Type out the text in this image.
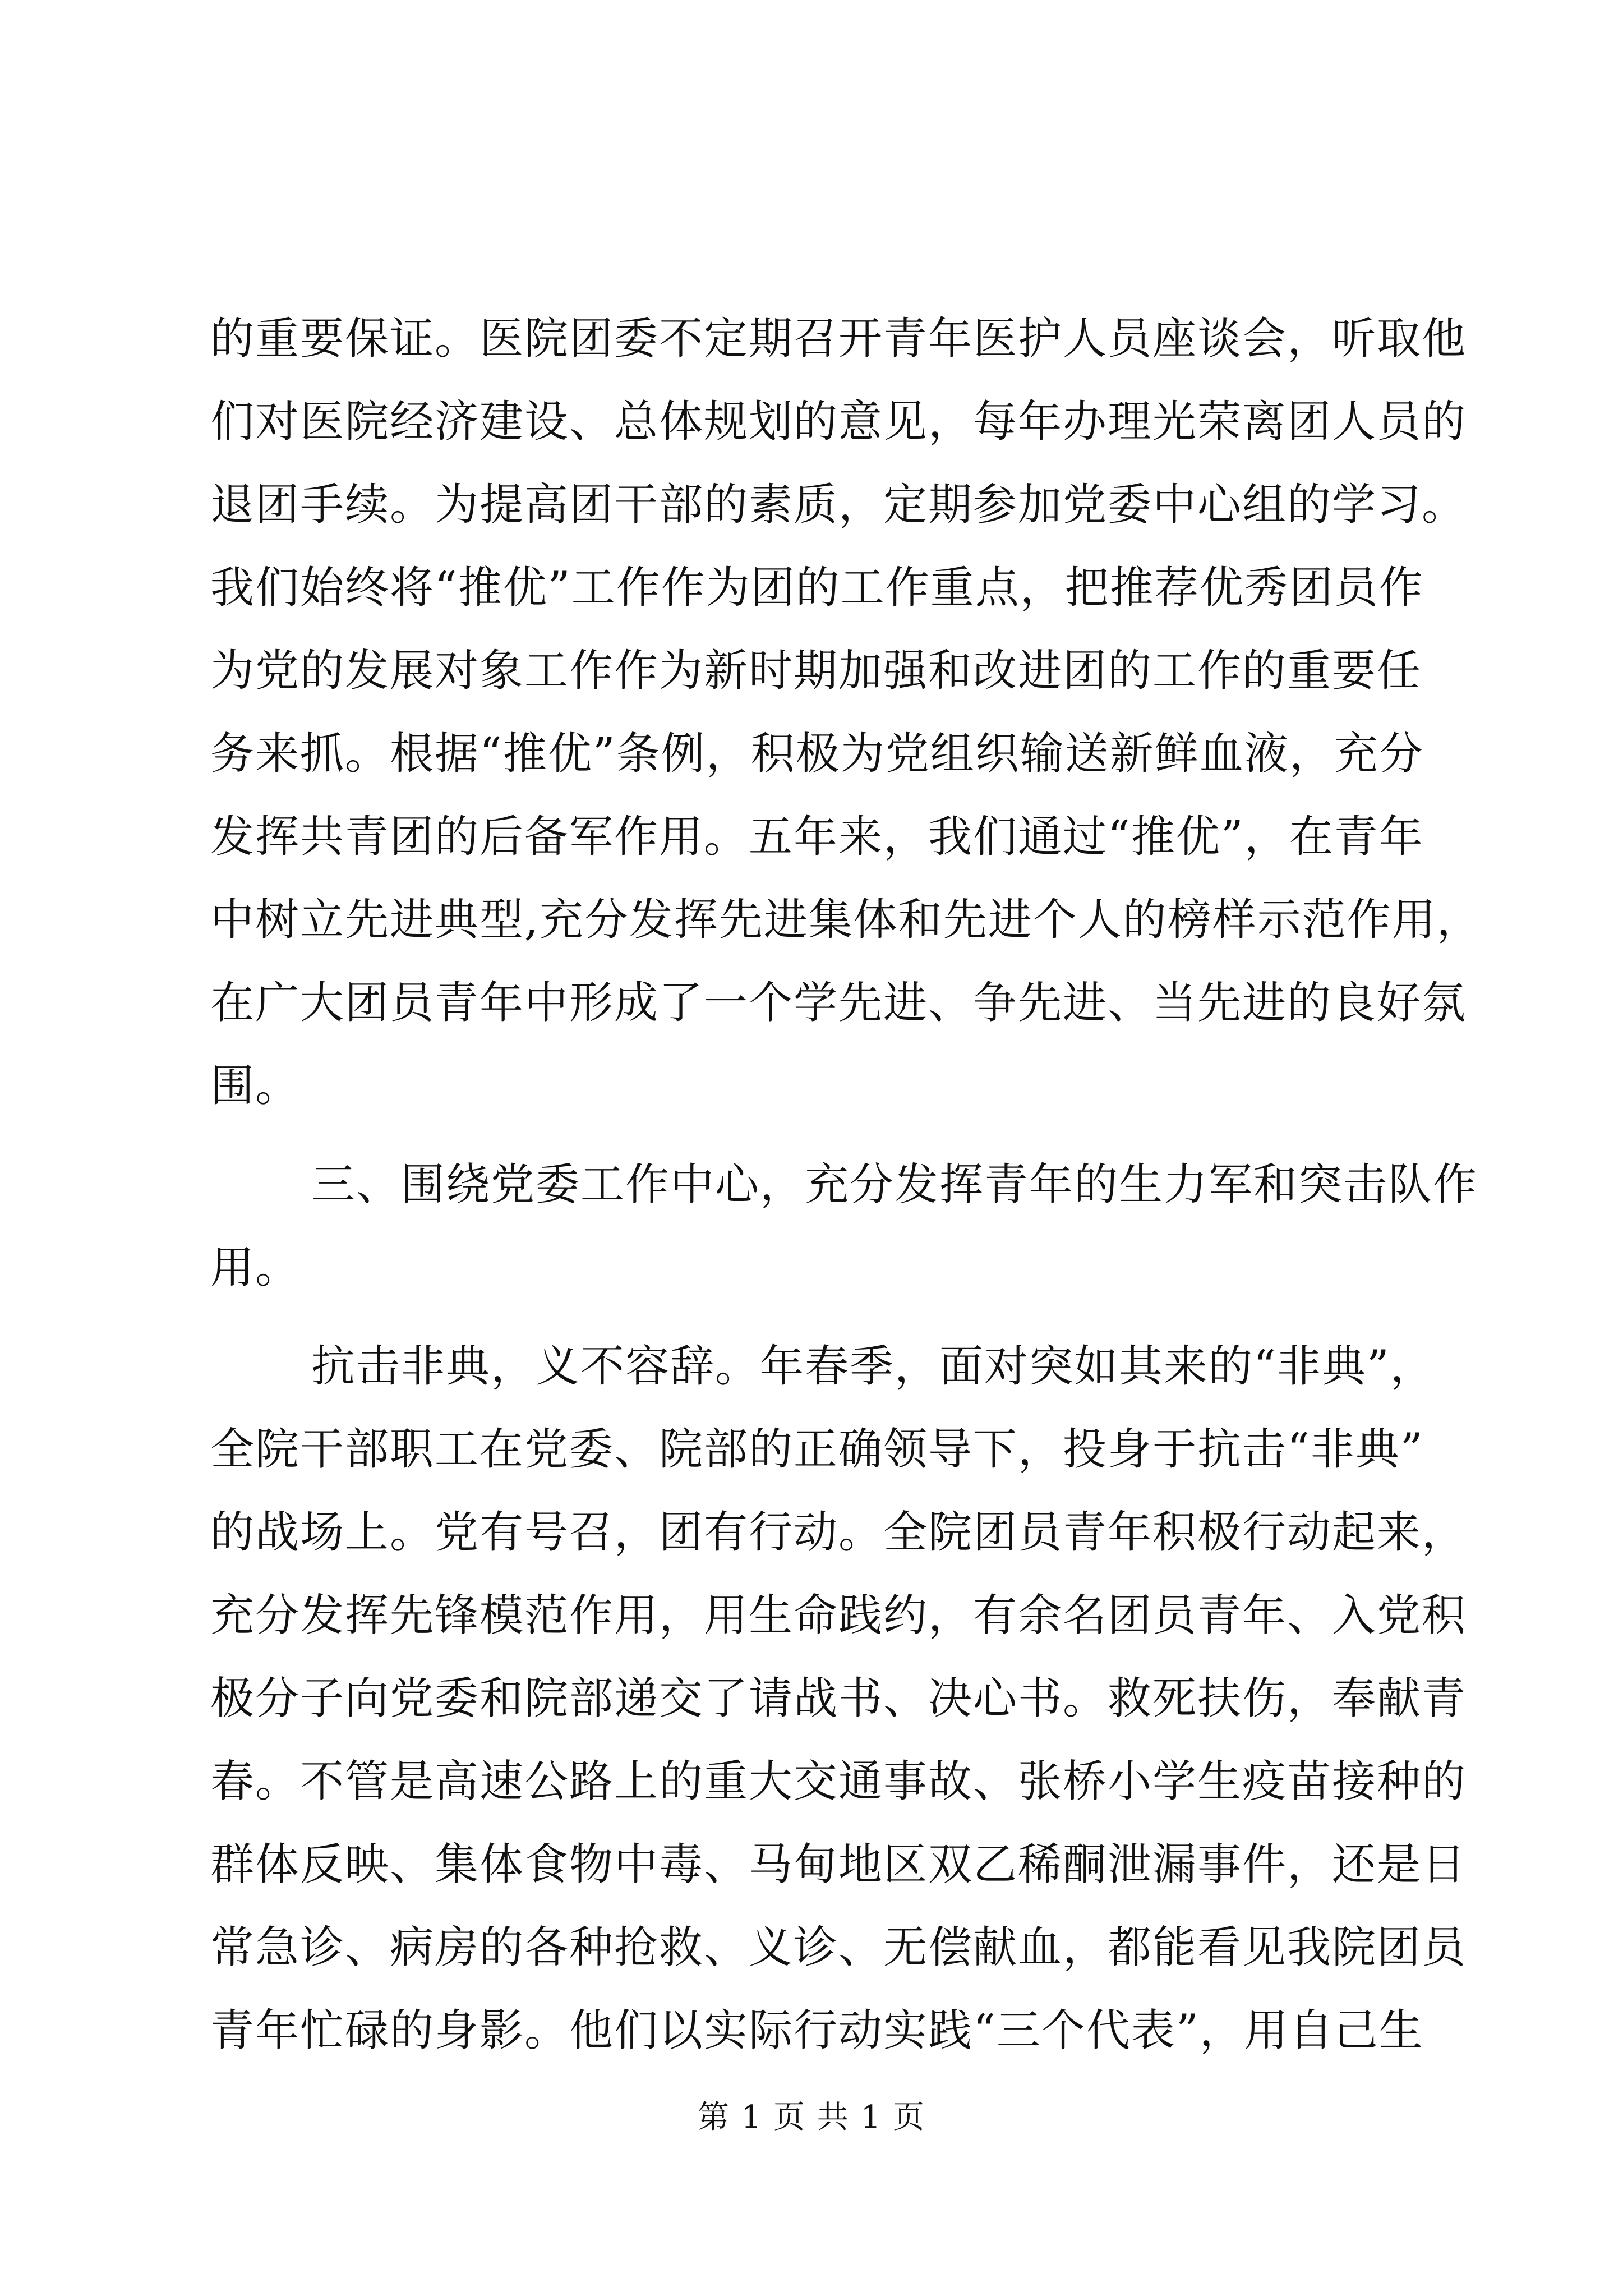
的重要保证。医院团委不定期召开青年医护人员座谈会，听取他
们对医院经济建设、总体规划的意见，每年办理光荣离团人员的
退团手续。为提高团干部的素质，定期参加党委中心组的学习。
我们始终将“推优”工作作为团的工作重点，把推荐优秀团员作
为党的发展对象工作作为新时期加强和改进团的工作的重要任
务来抓。根据“推优”条例，积极为党组织输送新鲜血液，充分
发挥共青团的后备军作用。五年来，我们通过“推优”，在青年
中树立先进典型,充分发挥先进集体和先进个人的榜样示范作用，
在广大团员青年中形成了一个学先进、争先进、当先进的良好氛
围。
三、围绕党委工作中心，充分发挥青年的生力军和突击队作
用。
抗击非典，义不容辞。年春季，面对突如其来的“非典”，
全院干部职工在党委、院部的正确领导下，投身于抗击“非典”
的战场上。党有号召，团有行动。全院团员青年积极行动起来，
充分发挥先锋模范作用，用生命践约，有余名团员青年、入党积
极分子向党委和院部递交了请战书、决心书。救死扶伤，奉献青
春。不管是高速公路上的重大交通事故、张桥小学生疫苗接种的
群体反映、集体食物中毒、马甸地区双乙稀酮泄漏事件，还是日
常急诊、病房的各种抢救、义诊、无偿献血，都能看见我院团员
青年忙碌的身影。他们以实际行动实践“三个代表”，用自己生
第 1 页 共 1 页
